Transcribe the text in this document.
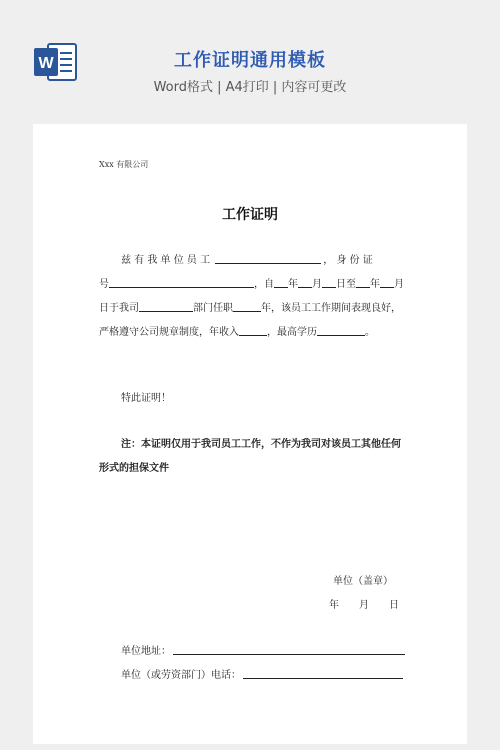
W	工作证明通用模板
Word格式 | A4打印 | 内容可更改
Xxx 有限公司
工作证明
兹 有 我 单 位 员 工	， 身 份 证
号	，自 年 月 日至 年 月
日于我司	部门任职	年，该员工工作期间表现良好，
严格遵守公司规章制度，年收入	，最高学历	。
特此证明！
注：本证明仅用于我司员工工作，不作为我司对该员工其他任何
形式的担保文件
单位（盖章）
年　　月　　日
单位地址：
单位（或劳资部门）电话：
